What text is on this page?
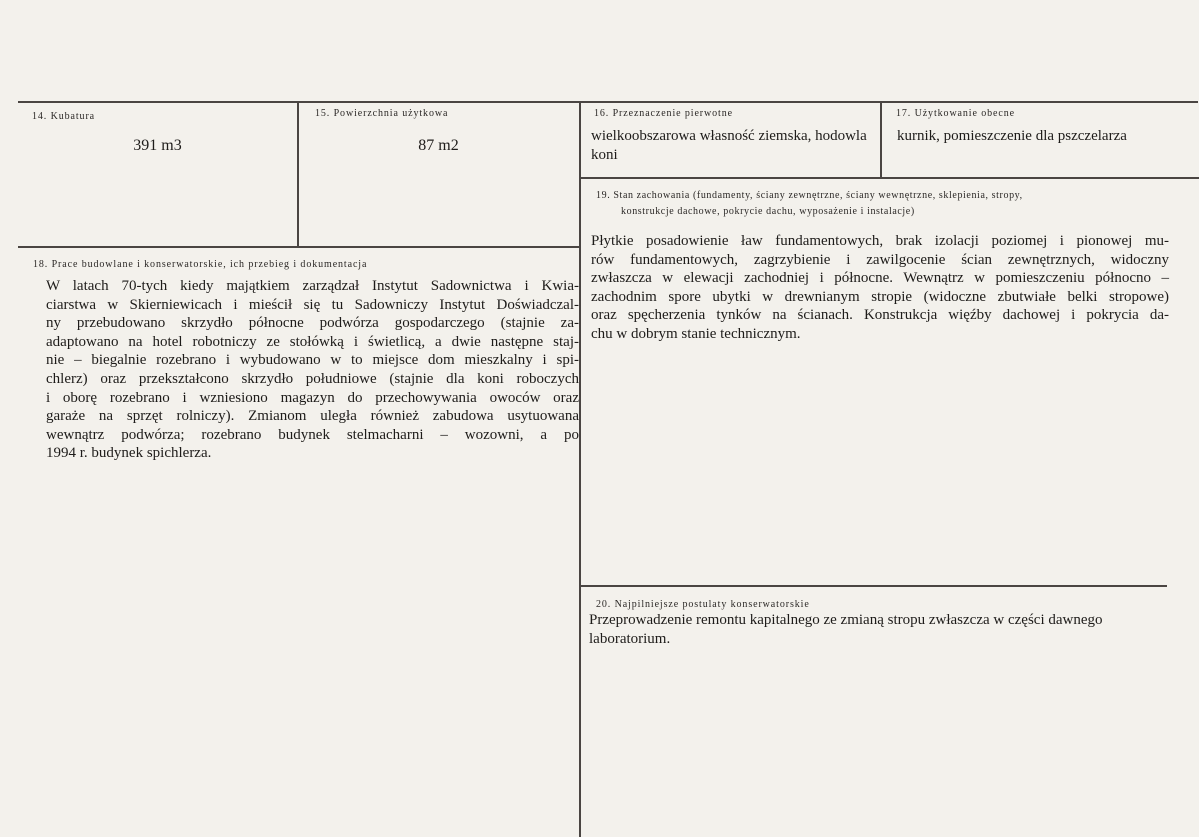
14. Kubatura
391 m3
15. Powierzchnia użytkowa
87 m2
16. Przeznaczenie pierwotne
wielkoobszarowa własność ziemska, hodowla koni
17. Użytkowanie obecne
kurnik, pomieszczenie dla pszczelarza
18. Prace budowlane i konserwatorskie, ich przebieg i dokumentacja
W latach 70-tych kiedy majątkiem zarządzał Instytut Sadownictwa i Kwia-
ciarstwa w Skierniewicach i mieścił się tu Sadowniczy Instytut Doświadczal-
ny przebudowano skrzydło północne podwórza gospodarczego (stajnie za-
adaptowano na hotel robotniczy ze stołówką i świetlicą, a dwie następne staj-
nie – biegalnie rozebrano i wybudowano w to miejsce dom mieszkalny i spi-
chlerz) oraz przekształcono skrzydło południowe (stajnie dla koni roboczych
i oborę rozebrano i wzniesiono magazyn do przechowywania owoców oraz
garaże na sprzęt rolniczy). Zmianom uległa również zabudowa usytuowana
wewnątrz podwórza; rozebrano budynek stelmacharni – wozowni, a po
1994 r. budynek spichlerza.
19. Stan zachowania (fundamenty, ściany zewnętrzne, ściany wewnętrzne, sklepienia, stropy,
konstrukcje dachowe, pokrycie dachu, wyposażenie i instalacje)
Płytkie posadowienie ław fundamentowych, brak izolacji poziomej i pionowej mu-
rów fundamentowych, zagrzybienie i zawilgocenie ścian zewnętrznych, widoczny
zwłaszcza w elewacji zachodniej i północne. Wewnątrz w pomieszczeniu północno –
zachodnim spore ubytki w drewnianym stropie (widoczne zbutwiałe belki stropowe)
oraz spęcherzenia tynków na ścianach. Konstrukcja więźby dachowej i pokrycia da-
chu w dobrym stanie technicznym.
20. Najpilniejsze postulaty konserwatorskie
Przeprowadzenie remontu kapitalnego ze zmianą stropu zwłaszcza w części dawnego
laboratorium.
